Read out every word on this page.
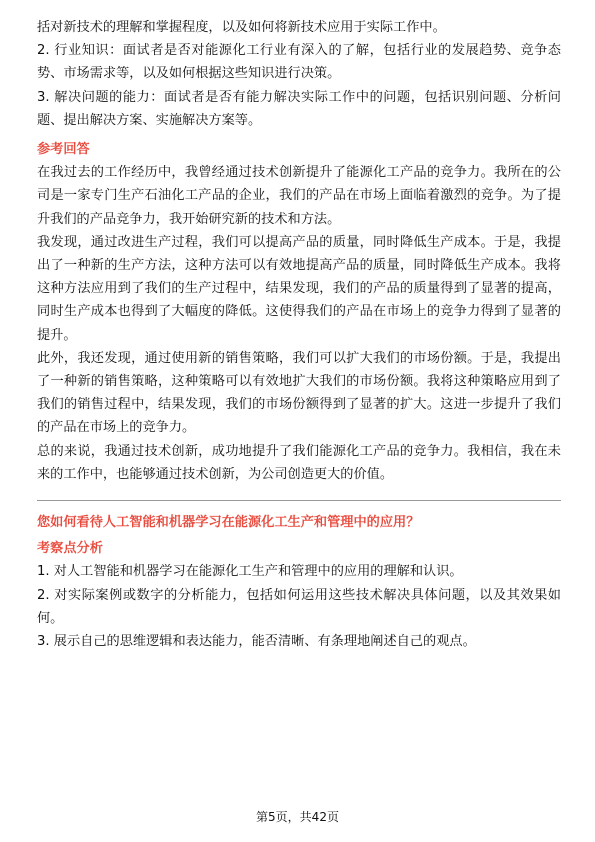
括对新技术的理解和掌握程度，以及如何将新技术应用于实际工作中。

2. 行业知识：面试者是否对能源化工行业有深入的了解，包括行业的发展趋势、竞争态势、市场需求等，以及如何根据这些知识进行决策。

3. 解决问题的能力：面试者是否有能力解决实际工作中的问题，包括识别问题、分析问题、提出解决方案、实施解决方案等。

参考回答

在我过去的工作经历中，我曾经通过技术创新提升了能源化工产品的竞争力。我所在的公司是一家专门生产石油化工产品的企业，我们的产品在市场上面临着激烈的竞争。为了提升我们的产品竞争力，我开始研究新的技术和方法。

我发现，通过改进生产过程，我们可以提高产品的质量，同时降低生产成本。于是，我提出了一种新的生产方法，这种方法可以有效地提高产品的质量，同时降低生产成本。我将这种方法应用到了我们的生产过程中，结果发现，我们的产品的质量得到了显著的提高，同时生产成本也得到了大幅度的降低。这使得我们的产品在市场上的竞争力得到了显著的提升。

此外，我还发现，通过使用新的销售策略，我们可以扩大我们的市场份额。于是，我提出了一种新的销售策略，这种策略可以有效地扩大我们的市场份额。我将这种策略应用到了我们的销售过程中，结果发现，我们的市场份额得到了显著的扩大。这进一步提升了我们的产品在市场上的竞争力。

总的来说，我通过技术创新，成功地提升了我们能源化工产品的竞争力。我相信，我在未来的工作中，也能够通过技术创新，为公司创造更大的价值。

您如何看待人工智能和机器学习在能源化工生产和管理中的应用？

考察点分析

1. 对人工智能和机器学习在能源化工生产和管理中的应用的理解和认识。

2. 对实际案例或数字的分析能力，包括如何运用这些技术解决具体问题，以及其效果如何。

3. 展示自己的思维逻辑和表达能力，能否清晰、有条理地阐述自己的观点。

第5页，共42页
